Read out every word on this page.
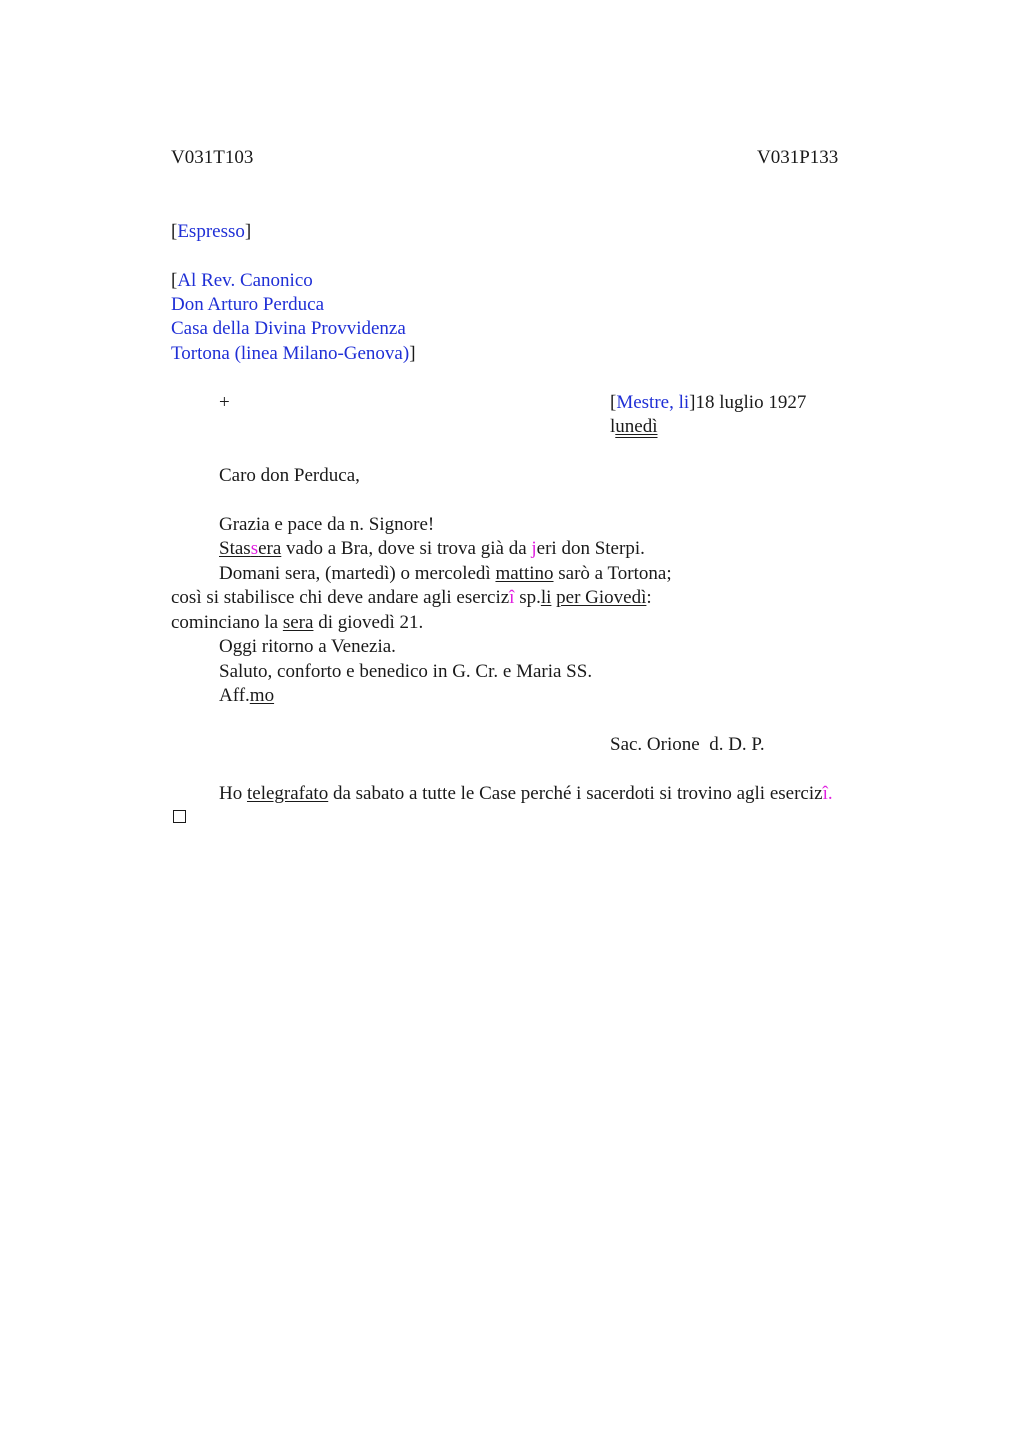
V031T103	V031P133
[Espresso]
[Al Rev. Canonico
Don Arturo Perduca
Casa della Divina Provvidenza
Tortona (linea Milano-Genova)]
+	[Mestre, li]18 luglio 1927
lunedì
Caro don Perduca,
Grazia e pace da n. Signore!
Stassera vado a Bra, dove si trova già da jeri don Sterpi.
Domani sera, (martedì) o mercoledì mattino sarò a Tortona;
così si stabilisce chi deve andare agli esercizî sp.li per Giovedì:
cominciano la sera di giovedì 21.
Oggi ritorno a Venezia.
Saluto, conforto e benedico in G. Cr. e Maria SS.
Aff.mo
Sac. Orione  d. D. P.
Ho telegrafato da sabato a tutte le Case perché i sacerdoti si trovino agli esercizî.
